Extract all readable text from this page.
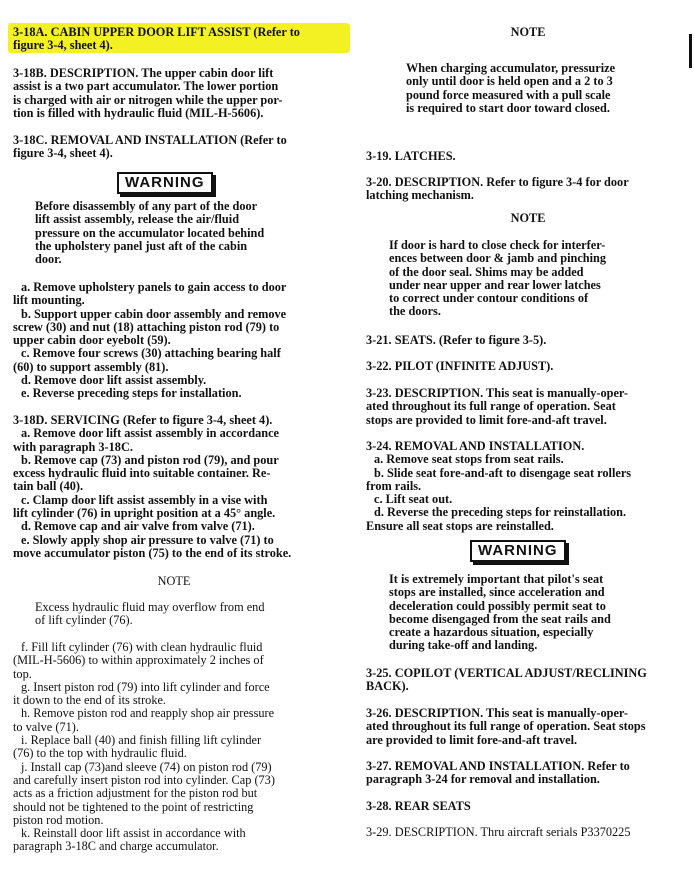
3-18A. CABIN UPPER DOOR LIFT ASSIST (Refer to
figure 3-4, sheet 4).
3-18B. DESCRIPTION. The upper cabin door lift
assist is a two part accumulator. The lower portion
is charged with air or nitrogen while the upper por-
tion is filled with hydraulic fluid (MIL-H-5606).
3-18C. REMOVAL AND INSTALLATION (Refer to
figure 3-4, sheet 4).
WARNING
Before disassembly of any part of the door
lift assist assembly, release the air/fluid
pressure on the accumulator located behind
the upholstery panel just aft of the cabin
door.
a. Remove upholstery panels to gain access to door
lift mounting.
b. Support upper cabin door assembly and remove
screw (30) and nut (18) attaching piston rod (79) to
upper cabin door eyebolt (59).
c. Remove four screws (30) attaching bearing half
(60) to support assembly (81).
d. Remove door lift assist assembly.
e. Reverse preceding steps for installation.
3-18D. SERVICING (Refer to figure 3-4, sheet 4).
a. Remove door lift assist assembly in accordance
with paragraph 3-18C.
b. Remove cap (73) and piston rod (79), and pour
excess hydraulic fluid into suitable container. Re-
tain ball (40).
c. Clamp door lift assist assembly in a vise with
lift cylinder (76) in upright position at a 45° angle.
d. Remove cap and air valve from valve (71).
e. Slowly apply shop air pressure to valve (71) to
move accumulator piston (75) to the end of its stroke.
NOTE
Excess hydraulic fluid may overflow from end
of lift cylinder (76).
f. Fill lift cylinder (76) with clean hydraulic fluid
(MIL-H-5606) to within approximately 2 inches of
top.
g. Insert piston rod (79) into lift cylinder and force
it down to the end of its stroke.
h. Remove piston rod and reapply shop air pressure
to valve (71).
i. Replace ball (40) and finish filling lift cylinder
(76) to the top with hydraulic fluid.
j. Install cap (73)and sleeve (74) on piston rod (79)
and carefully insert piston rod into cylinder. Cap (73)
acts as a friction adjustment for the piston rod but
should not be tightened to the point of restricting
piston rod motion.
k. Reinstall door lift assist in accordance with
paragraph 3-18C and charge accumulator.
NOTE
When charging accumulator, pressurize
only until door is held open and a 2 to 3
pound force measured with a pull scale
is required to start door toward closed.
3-19. LATCHES.
3-20. DESCRIPTION. Refer to figure 3-4 for door
latching mechanism.
NOTE
If door is hard to close check for interfer-
ences between door & jamb and pinching
of the door seal. Shims may be added
under near upper and rear lower latches
to correct under contour conditions of
the doors.
3-21. SEATS. (Refer to figure 3-5).
3-22. PILOT (INFINITE ADJUST).
3-23. DESCRIPTION. This seat is manually-oper-
ated throughout its full range of operation. Seat
stops are provided to limit fore-and-aft travel.
3-24. REMOVAL AND INSTALLATION.
a. Remove seat stops from seat rails.
b. Slide seat fore-and-aft to disengage seat rollers
from rails.
c. Lift seat out.
d. Reverse the preceding steps for reinstallation.
Ensure all seat stops are reinstalled.
WARNING
It is extremely important that pilot's seat
stops are installed, since acceleration and
deceleration could possibly permit seat to
become disengaged from the seat rails and
create a hazardous situation, especially
during take-off and landing.
3-25. COPILOT (VERTICAL ADJUST/RECLINING
BACK).
3-26. DESCRIPTION. This seat is manually-oper-
ated throughout its full range of operation. Seat stops
are provided to limit fore-and-aft travel.
3-27. REMOVAL AND INSTALLATION. Refer to
paragraph 3-24 for removal and installation.
3-28. REAR SEATS
3-29. DESCRIPTION. Thru aircraft serials P3370225
